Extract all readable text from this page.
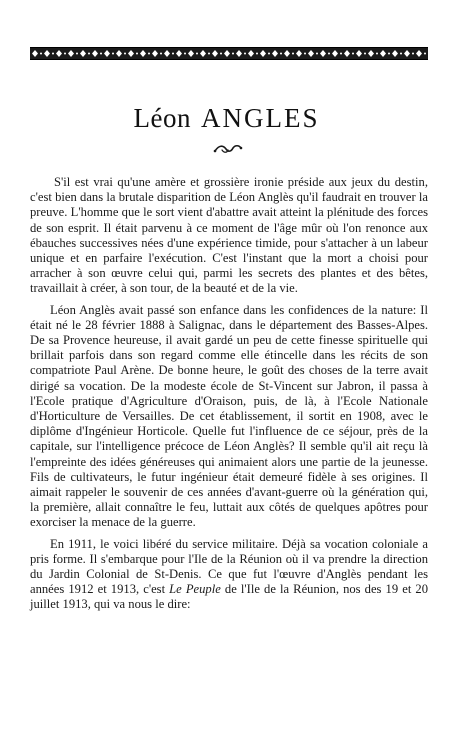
Léon ANGLES

S'il est vrai qu'une amère et grossière ironie préside aux jeux du destin, c'est bien dans la brutale disparition de Léon Anglès qu'il faudrait en trouver la preuve. L'homme que le sort vient d'abattre avait atteint la plénitude des forces de son esprit. Il était parvenu à ce moment de l'âge mûr où l'on renonce aux ébauches successives nées d'une expérience timide, pour s'attacher à un labeur unique et en parfaire l'exécution. C'est l'instant que la mort a choisi pour arracher à son œuvre celui qui, parmi les secrets des plantes et des bêtes, travaillait à créer, à son tour, de la beauté et de la vie.

Léon Anglès avait passé son enfance dans les confidences de la nature: Il était né le 28 février 1888 à Salignac, dans le département des Basses-Alpes. De sa Provence heureuse, il avait gardé un peu de cette finesse spirituelle qui brillait parfois dans son regard comme elle étincelle dans les récits de son compatriote Paul Arène. De bonne heure, le goût des choses de la terre avait dirigé sa vocation. De la modeste école de St-Vincent sur Jabron, il passa à l'Ecole pratique d'Agriculture d'Oraison, puis, de là, à l'Ecole Nationale d'Horticulture de Versailles. De cet établissement, il sortit en 1908, avec le diplôme d'Ingénieur Horticole. Quelle fut l'influence de ce séjour, près de la capitale, sur l'intelligence précoce de Léon Anglès? Il semble qu'il ait reçu là l'empreinte des idées généreuses qui animaient alors une partie de la jeunesse. Fils de cultivateurs, le futur ingénieur était demeuré fidèle à ses origines. Il aimait rappeler le souvenir de ces années d'avant-guerre où la génération qui, la première, allait connaître le feu, luttait aux côtés de quelques apôtres pour exorciser la menace de la guerre.

En 1911, le voici libéré du service militaire. Déjà sa vocation coloniale a pris forme. Il s'embarque pour l'Ile de la Réunion où il va prendre la direction du Jardin Colonial de St-Denis. Ce que fut l'œuvre d'Anglès pendant les années 1912 et 1913, c'est Le Peuple de l'Ile de la Réunion, nos des 19 et 20 juillet 1913, qui va nous le dire:
